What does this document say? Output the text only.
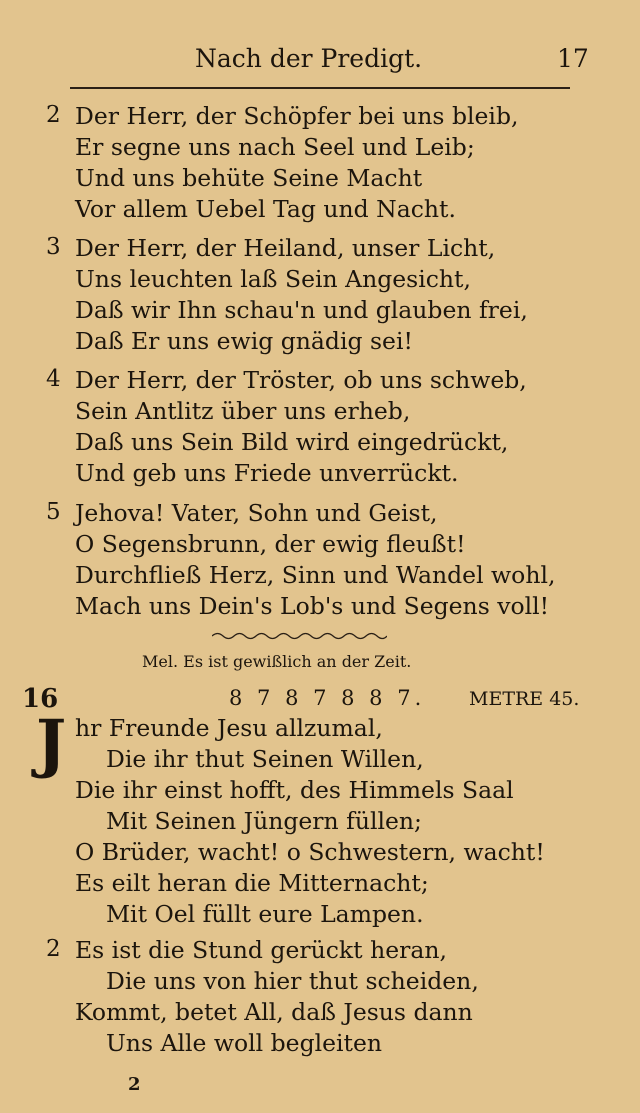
Nach der Predigt.	17
2 Der Herr, der Schöpfer bei uns bleib,
Er segne uns nach Seel und Leib;
Und uns behüte Seine Macht
Vor allem Uebel Tag und Nacht.
3 Der Herr, der Heiland, unser Licht,
Uns leuchten laß Sein Angesicht,
Daß wir Ihn schau'n und glauben frei,
Daß Er uns ewig gnädig sei!
4 Der Herr, der Tröster, ob uns schweb,
Sein Antlitz über uns erheb,
Daß uns Sein Bild wird eingedrückt,
Und geb uns Friede unverrückt.
5 Jehova! Vater, Sohn und Geist,
O Segensbrunn, der ewig fleußt!
Durchfließ Herz, Sinn und Wandel wohl,
Mach uns Dein's Lob's und Segens voll!
Mel. Es ist gewißlich an der Zeit.
16	8 7 8 7 8 8 7. METRE 45.
J hr Freunde Jesu allzumal,
Die ihr thut Seinen Willen,
Die ihr einst hofft, des Himmels Saal
Mit Seinen Jüngern füllen;
O Brüder, wacht! o Schwestern, wacht!
Es eilt heran die Mitternacht;
Mit Oel füllt eure Lampen.
2 Es ist die Stund gerückt heran,
Die uns von hier thut scheiden,
Kommt, betet All, daß Jesus dann
Uns Alle woll begleiten
2
